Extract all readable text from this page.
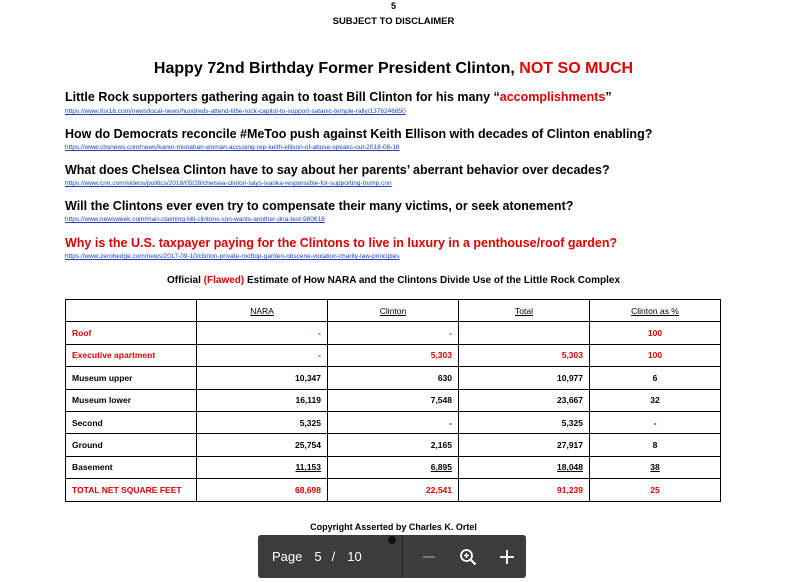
5
SUBJECT TO DISCLAIMER
Happy 72nd Birthday Former President Clinton, NOT SO MUCH
Little Rock supporters gathering again to toast Bill Clinton for his many “accomplishments”
https://www.fox16.com/news/local-news/hundreds-attend-little-rock-capitol-to-support-satanic-temple-rally/1376246850
How do Democrats reconcile #MeToo push against Keith Ellison with decades of Clinton enabling?
https://www.cbsnews.com/news/karen-monahan-woman-accusing-rep-keith-ellison-of-abuse-speaks-out-2018-08-16
What does Chelsea Clinton have to say about her parents’ aberrant behavior over decades?
https://www.cnn.com/videos/politics/2018/05/28/chelsea-clinton-says-ivanka-responsible-for-supporting-trump.cnn
Will the Clintons ever even try to compensate their many victims, or seek atonement?
https://www.newsweek.com/man-claiming-bill-clintons-son-wants-another-dna-test-980618
Why is the U.S. taxpayer paying for the Clintons to live in luxury in a penthouse/roof garden?
https://www.zerohedge.com/news/2017-09-10/clinton-private-rooftop-garden-obscene-violation-charity-law-principles
Official (Flawed) Estimate of How NARA and the Clintons Divide Use of the Little Rock Complex
	NARA	Clinton	Total	Clinton as %
Roof	-	-		100
Executive apartment	-	5,303	5,303	100
Museum upper	10,347	630	10,977	6
Museum lower	16,119	7,548	23,667	32
Second	5,325	-	5,325	-
Ground	25,754	2,165	27,917	8
Basement	11,153	6,895	18,048	38
TOTAL NET SQUARE FEET	68,698	22,541	91,239	25
Copyright Asserted by Charles K. Ortel
Page 5 / 10
